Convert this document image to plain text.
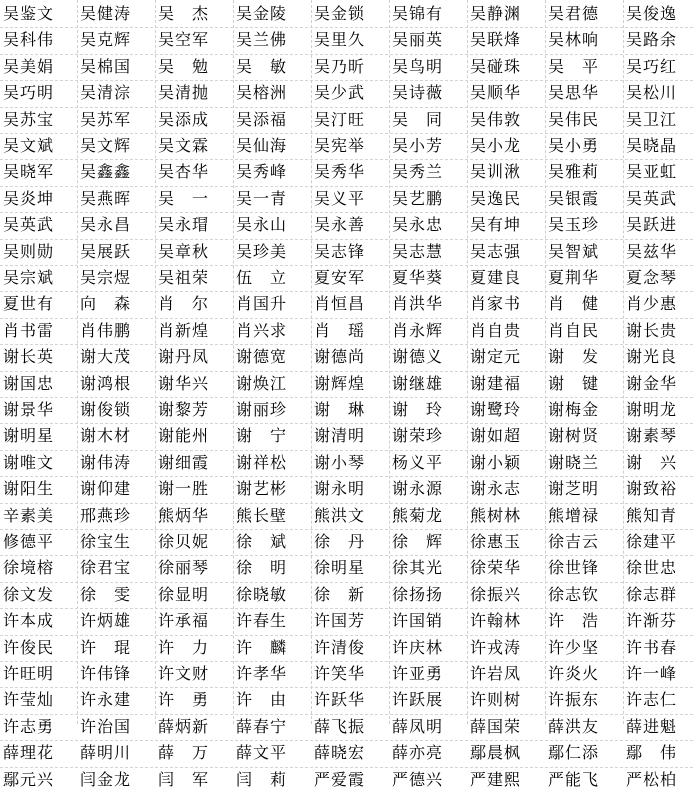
吴鉴文	吴健涛	吴　杰	吴金陵	吴金锁	吴锦有	吴静渊	吴君德	吴俊逸
吴科伟	吴克辉	吴空军	吴兰佛	吴里久	吴丽英	吴联烽	吴林响	吴路余
吴美娟	吴棉国	吴　勉	吴　敏	吴乃昕	吴鸟明	吴碰珠	吴　平	吴巧红
吴巧明	吴清淙	吴清抛	吴榕洲	吴少武	吴诗薇	吴顺华	吴思华	吴松川
吴苏宝	吴苏军	吴添成	吴添福	吴汀旺	吴　同	吴伟敦	吴伟民	吴卫江
吴文斌	吴文辉	吴文霖	吴仙海	吴宪举	吴小芳	吴小龙	吴小勇	吴晓晶
吴晓军	吴鑫鑫	吴杏华	吴秀峰	吴秀华	吴秀兰	吴训湫	吴雅莉	吴亚虹
吴炎坤	吴燕晖	吴　一	吴一青	吴义平	吴艺鹏	吴逸民	吴银霞	吴英武
吴英武	吴永昌	吴永瑁	吴永山	吴永善	吴永忠	吴有坤	吴玉珍	吴跃进
吴则勋	吴展跃	吴章秋	吴珍美	吴志锋	吴志慧	吴志强	吴智斌	吴兹华
吴宗斌	吴宗煜	吴祖荣	伍　立	夏安军	夏华葵	夏建良	夏荆华	夏念琴
夏世有	向　森	肖　尔	肖国升	肖恒昌	肖洪华	肖家书	肖　健	肖少惠
肖书雷	肖伟鹏	肖新煌	肖兴求	肖　瑶	肖永辉	肖自贵	肖自民	谢长贵
谢长英	谢大茂	谢丹凤	谢德宽	谢德尚	谢德义	谢定元	谢　发	谢光良
谢国忠	谢鸿根	谢华兴	谢焕江	谢辉煌	谢继雄	谢建福	谢　键	谢金华
谢景华	谢俊锁	谢黎芳	谢丽珍	谢　琳	谢　玲	谢鹭玲	谢梅金	谢明龙
谢明星	谢木材	谢能州	谢　宁	谢清明	谢荣珍	谢如超	谢树贤	谢素琴
谢唯文	谢伟涛	谢细霞	谢祥松	谢小琴	杨义平	谢小颖	谢晓兰	谢　兴
谢阳生	谢仰建	谢一胜	谢艺彬	谢永明	谢永源	谢永志	谢芝明	谢致裕
辛素美	邢燕珍	熊炳华	熊长壁	熊洪文	熊菊龙	熊树林	熊增禄	熊知青
修德平	徐宝生	徐贝妮	徐　斌	徐　丹	徐　辉	徐惠玉	徐吉云	徐建平
徐境榕	徐君宝	徐丽琴	徐　明	徐明星	徐其光	徐荣华	徐世锋	徐世忠
徐文发	徐　雯	徐显明	徐晓敏	徐　新	徐扬扬	徐振兴	徐志钦	徐志群
许本成	许炳雄	许承福	许春生	许国芳	许国销	许翰林	许　浩	许渐芬
许俊民	许　琨	许　力	许　麟	许清俊	许庆林	许戎涛	许少坚	许书春
许旺明	许伟锋	许文财	许孝华	许笑华	许亚勇	许岩凤	许炎火	许一峰
许莹灿	许永建	许　勇	许　由	许跃华	许跃展	许则树	许振东	许志仁
许志勇	许治国	薛炳新	薛春宁	薛飞振	薛凤明	薛国荣	薛洪友	薛进魁
薛理花	薛明川	薛　万	薛文平	薛晓宏	薛亦亮	鄢晨枫	鄢仁添	鄢　伟
鄢元兴	闫金龙	闫　军	闫　莉	严爱霞	严德兴	严建熙	严能飞	严松柏
